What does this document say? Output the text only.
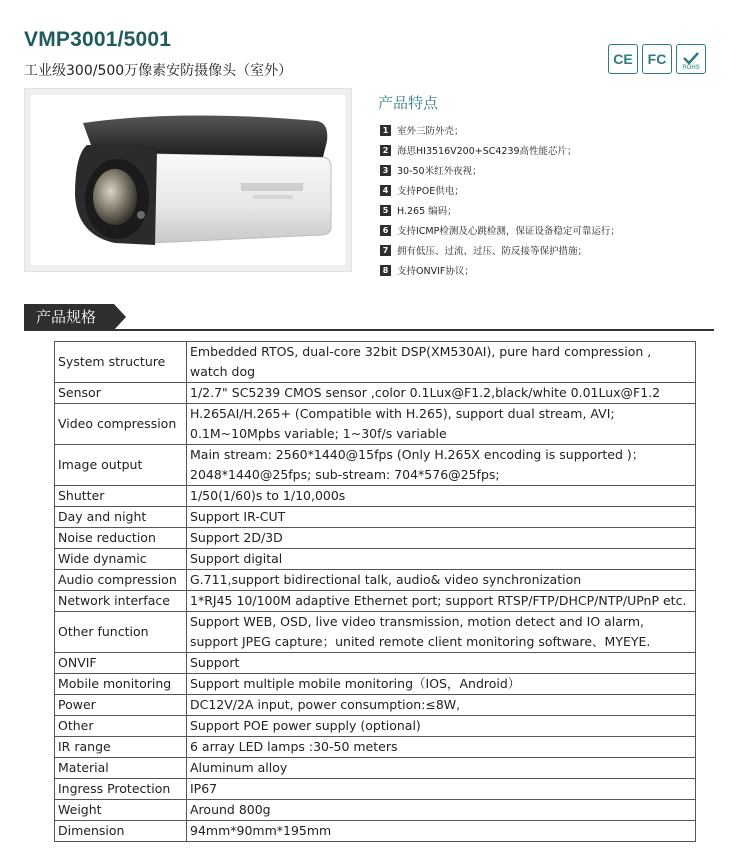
VMP3001/5001
工业级300/500万像素安防摄像头（室外）
CE FC
ROHS
产品特点
1 室外三防外壳；
2 海思HI3516V200+SC4239高性能芯片；
3 30-50米红外夜视；
4 支持POE供电；
5 H.265 编码；
6 支持ICMP检测及心跳检测，保证设备稳定可靠运行；
7 拥有低压、过流、过压、防反接等保护措施；
8 支持ONVIF协议；
产品规格
System structure	Embedded RTOS, dual-core 32bit DSP(XM530AI), pure hard compression , watch dog
Sensor	1/2.7" SC5239 CMOS sensor ,color 0.1Lux@F1.2,black/white 0.01Lux@F1.2
Video compression	H.265AI/H.265+ (Compatible with H.265), support dual stream, AVI; 0.1M~10Mpbs variable; 1~30f/s variable
Image output	Main stream: 2560*1440@15fps (Only H.265X encoding is supported )；2048*1440@25fps; sub-stream: 704*576@25fps;
Shutter	1/50(1/60)s to 1/10,000s
Day and night	Support IR-CUT
Noise reduction	Support 2D/3D
Wide dynamic	Support digital
Audio compression	G.711,support bidirectional talk, audio& video synchronization
Network interface	1*RJ45 10/100M adaptive Ethernet port; support RTSP/FTP/DHCP/NTP/UPnP etc.
Other function	Support WEB, OSD, live video transmission, motion detect and IO alarm, support JPEG capture；united remote client monitoring software、MYEYE.
ONVIF	Support
Mobile monitoring	Support multiple mobile monitoring（IOS，Android）
Power	DC12V/2A input, power consumption:≤8W,
Other	Support POE power supply (optional)
IR range	6 array LED lamps :30-50 meters
Material	Aluminum alloy
Ingress Protection	IP67
Weight	Around 800g
Dimension	94mm*90mm*195mm
